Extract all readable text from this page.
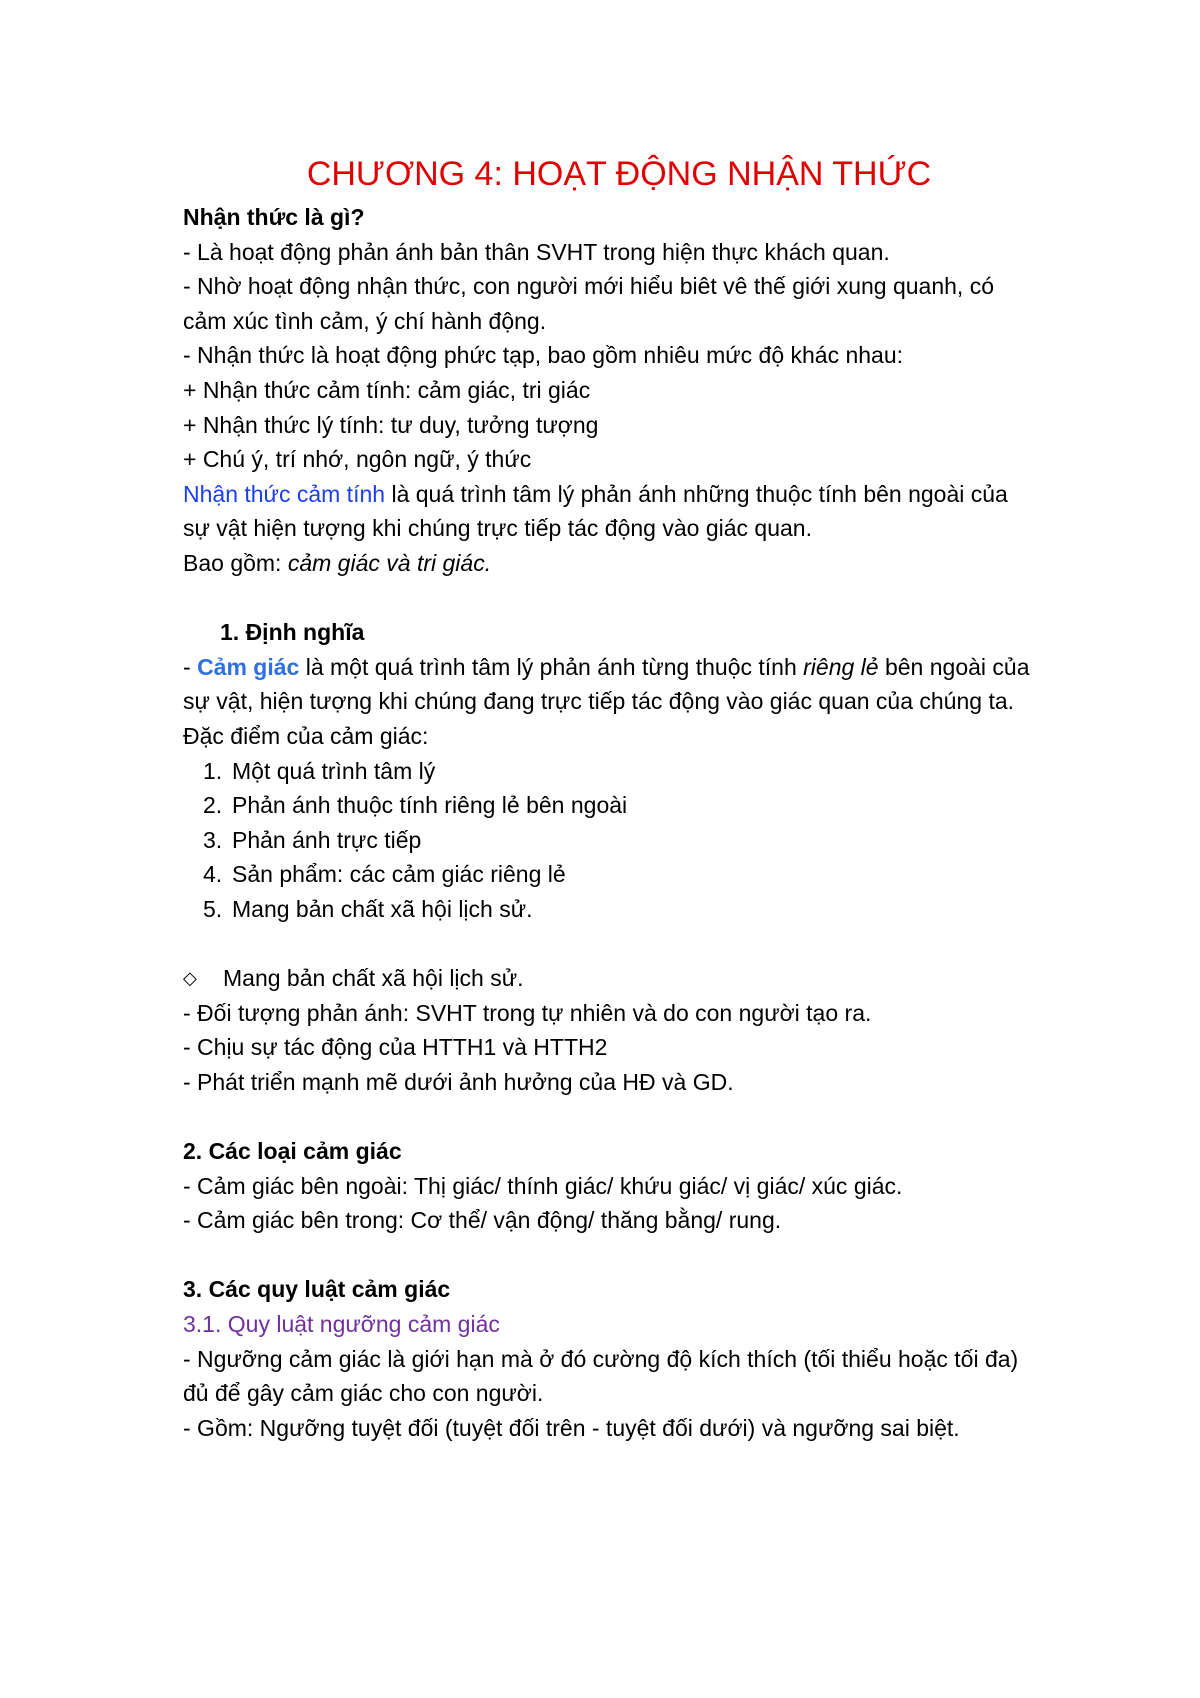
CHƯƠNG 4: HOẠT ĐỘNG NHẬN THỨC

Nhận thức là gì?

- Là hoạt động phản ánh bản thân SVHT trong hiện thực khách quan.

- Nhờ hoạt động nhận thức, con người mới hiểu biêt vê thế giới xung quanh, có cảm xúc tình cảm, ý chí hành động.

- Nhận thức là hoạt động phức tạp, bao gồm nhiêu mức độ khác nhau:

+ Nhận thức cảm tính: cảm giác, tri giác

+ Nhận thức lý tính: tư duy, tưởng tượng

+ Chú ý, trí nhớ, ngôn ngữ, ý thức

Nhận thức cảm tính là quá trình tâm lý phản ánh những thuộc tính bên ngoài của sự vật hiện tượng khi chúng trực tiếp tác động vào giác quan.

Bao gồm: cảm giác và tri giác.

1. Định nghĩa

- Cảm giác là một quá trình tâm lý phản ánh từng thuộc tính riêng lẻ bên ngoài của sự vật, hiện tượng khi chúng đang trực tiếp tác động vào giác quan của chúng ta.

Đặc điểm của cảm giác:

1. Một quá trình tâm lý

2. Phản ánh thuộc tính riêng lẻ bên ngoài

3. Phản ánh trực tiếp

4. Sản phẩm: các cảm giác riêng lẻ

5. Mang bản chất xã hội lịch sử.

◇ Mang bản chất xã hội lịch sử.

- Đối tượng phản ánh: SVHT trong tự nhiên và do con người tạo ra.

- Chịu sự tác động của HTTH1 và HTTH2

- Phát triển mạnh mẽ dưới ảnh hưởng của HĐ và GD.

2. Các loại cảm giác

- Cảm giác bên ngoài: Thị giác/ thính giác/ khứu giác/ vị giác/ xúc giác.

- Cảm giác bên trong: Cơ thể/ vận động/ thăng bằng/ rung.

3. Các quy luật cảm giác

3.1. Quy luật ngưỡng cảm giác

- Ngưỡng cảm giác là giới hạn mà ở đó cường độ kích thích (tối thiểu hoặc tối đa) đủ để gây cảm giác cho con người.

- Gồm: Ngưỡng tuyệt đối (tuyệt đối trên - tuyệt đối dưới) và ngưỡng sai biệt.
